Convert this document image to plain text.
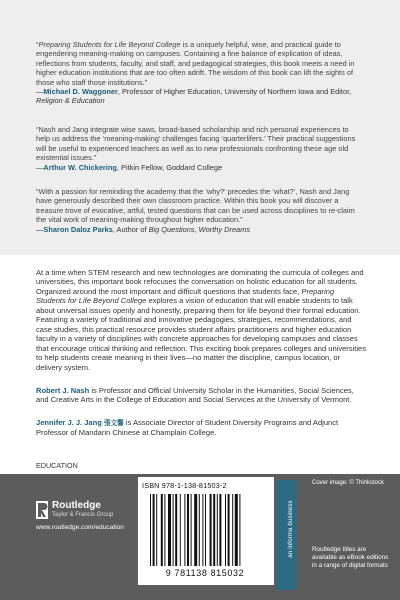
“Preparing Students for Life Beyond College is a uniquely helpful, wise, and practical guide to engendering meaning-making on campuses. Containing a fine balance of explication of ideas, reflections from students, faculty, and staff, and pedagogical strategies, this book meets a need in higher education institutions that are too often adrift. The wisdom of this book can lift the sights of those who staff those institutions.”
—Michael D. Waggoner, Professor of Higher Education, University of Northern Iowa and Editor, Religion & Education

“Nash and Jang integrate wise saws, broad-based scholarship and rich personal experiences to help us address the ‘meaning-making’ challenges facing ‘quarterlifers.’ Their practical suggestions will be useful to experienced teachers as well as to new professionals confronting these age old existential issues.”
—Arthur W. Chickering, Pitkin Fellow, Goddard College

“With a passion for reminding the academy that the ‘why?’ precedes the ‘what?’, Nash and Jang have generously described their own classroom practice. Within this book you will discover a treasure trove of evocative, artful, tested questions that can be used across disciplines to re-claim the vital work of meaning-making throughout higher education.”
—Sharon Daloz Parks, Author of Big Questions, Worthy Dreams

At a time when STEM research and new technologies are dominating the curricula of colleges and universities, this important book refocuses the conversation on holistic education for all students. Organized around the most important and difficult questions that students face, Preparing Students for Life Beyond College explores a vision of education that will enable students to talk about universal issues openly and honestly, preparing them for life beyond their formal education. Featuring a variety of traditional and innovative pedagogies, strategies, recommendations, and case studies, this practical resource provides student affairs practitioners and higher education faculty in a variety of disciplines with concrete approaches for developing campuses and classes that encourage critical thinking and reflection. This exciting book prepares colleges and universities to help students create meaning in their lives—no matter the discipline, campus location, or delivery system.

Robert J. Nash is Professor and Official University Scholar in the Humanities, Social Sciences, and Creative Arts in the College of Education and Social Services at the University of Vermont.

Jennifer J. J. Jang 張文馨 is Associate Director of Student Diversity Programs and Adjunct Professor of Mandarin Chinese at Champlain College.

EDUCATION
Routledge
Taylor & Francis Group
www.routledge.com/education
ISBN 978-1-138-81503-2
9 781138 815032
an informa business
Cover image: © Thinkstock
Routledge titles are available as eBook editions in a range of digital formats
